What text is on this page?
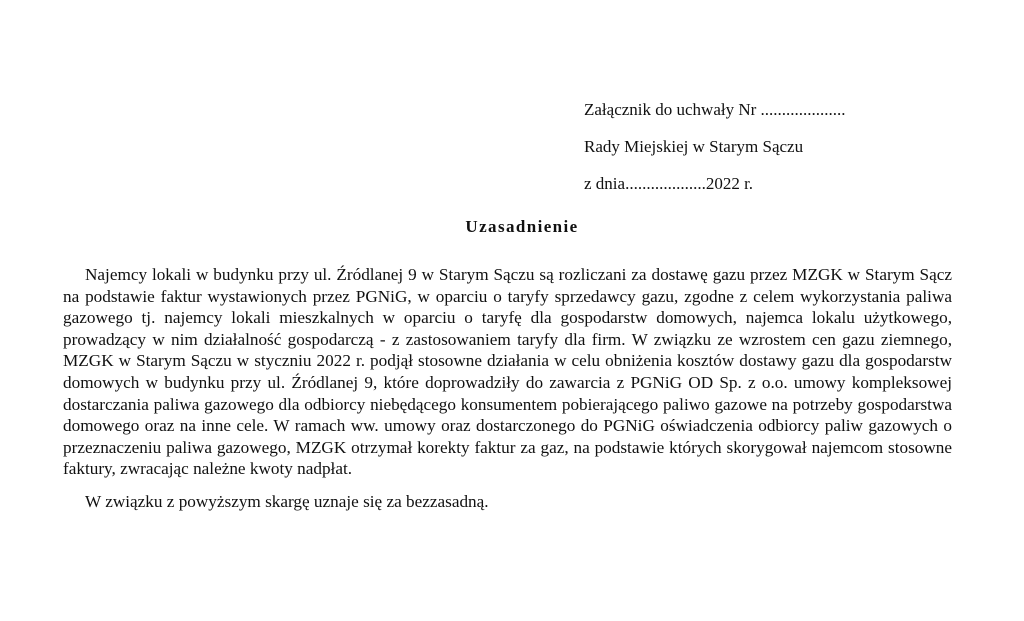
Załącznik do uchwały Nr ....................
Rady Miejskiej w Starym Sączu
z dnia...................2022 r.
Uzasadnienie

Najemcy lokali w budynku przy ul. Źródlanej 9 w Starym Sączu są rozliczani za dostawę gazu przez MZGK w Starym Sącz na podstawie faktur wystawionych przez PGNiG, w oparciu o taryfy sprzedawcy gazu, zgodne z celem wykorzystania paliwa gazowego tj. najemcy lokali mieszkalnych w oparciu o taryfę dla gospodarstw domowych, najemca lokalu użytkowego, prowadzący w nim działalność gospodarczą - z zastosowaniem taryfy dla firm. W związku ze wzrostem cen gazu ziemnego, MZGK w Starym Sączu w styczniu 2022 r. podjął stosowne działania w celu obniżenia kosztów dostawy gazu dla gospodarstw domowych w budynku przy ul. Źródlanej 9, które doprowadziły do zawarcia z PGNiG OD Sp. z o.o. umowy kompleksowej dostarczania paliwa gazowego dla odbiorcy niebędącego konsumentem pobierającego paliwo gazowe na potrzeby gospodarstwa domowego oraz na inne cele. W ramach ww. umowy oraz dostarczonego do PGNiG oświadczenia odbiorcy paliw gazowych o przeznaczeniu paliwa gazowego, MZGK otrzymał korekty faktur za gaz, na podstawie których skorygował najemcom stosowne faktury, zwracając należne kwoty nadpłat.

W związku z powyższym skargę uznaje się za bezzasadną.
